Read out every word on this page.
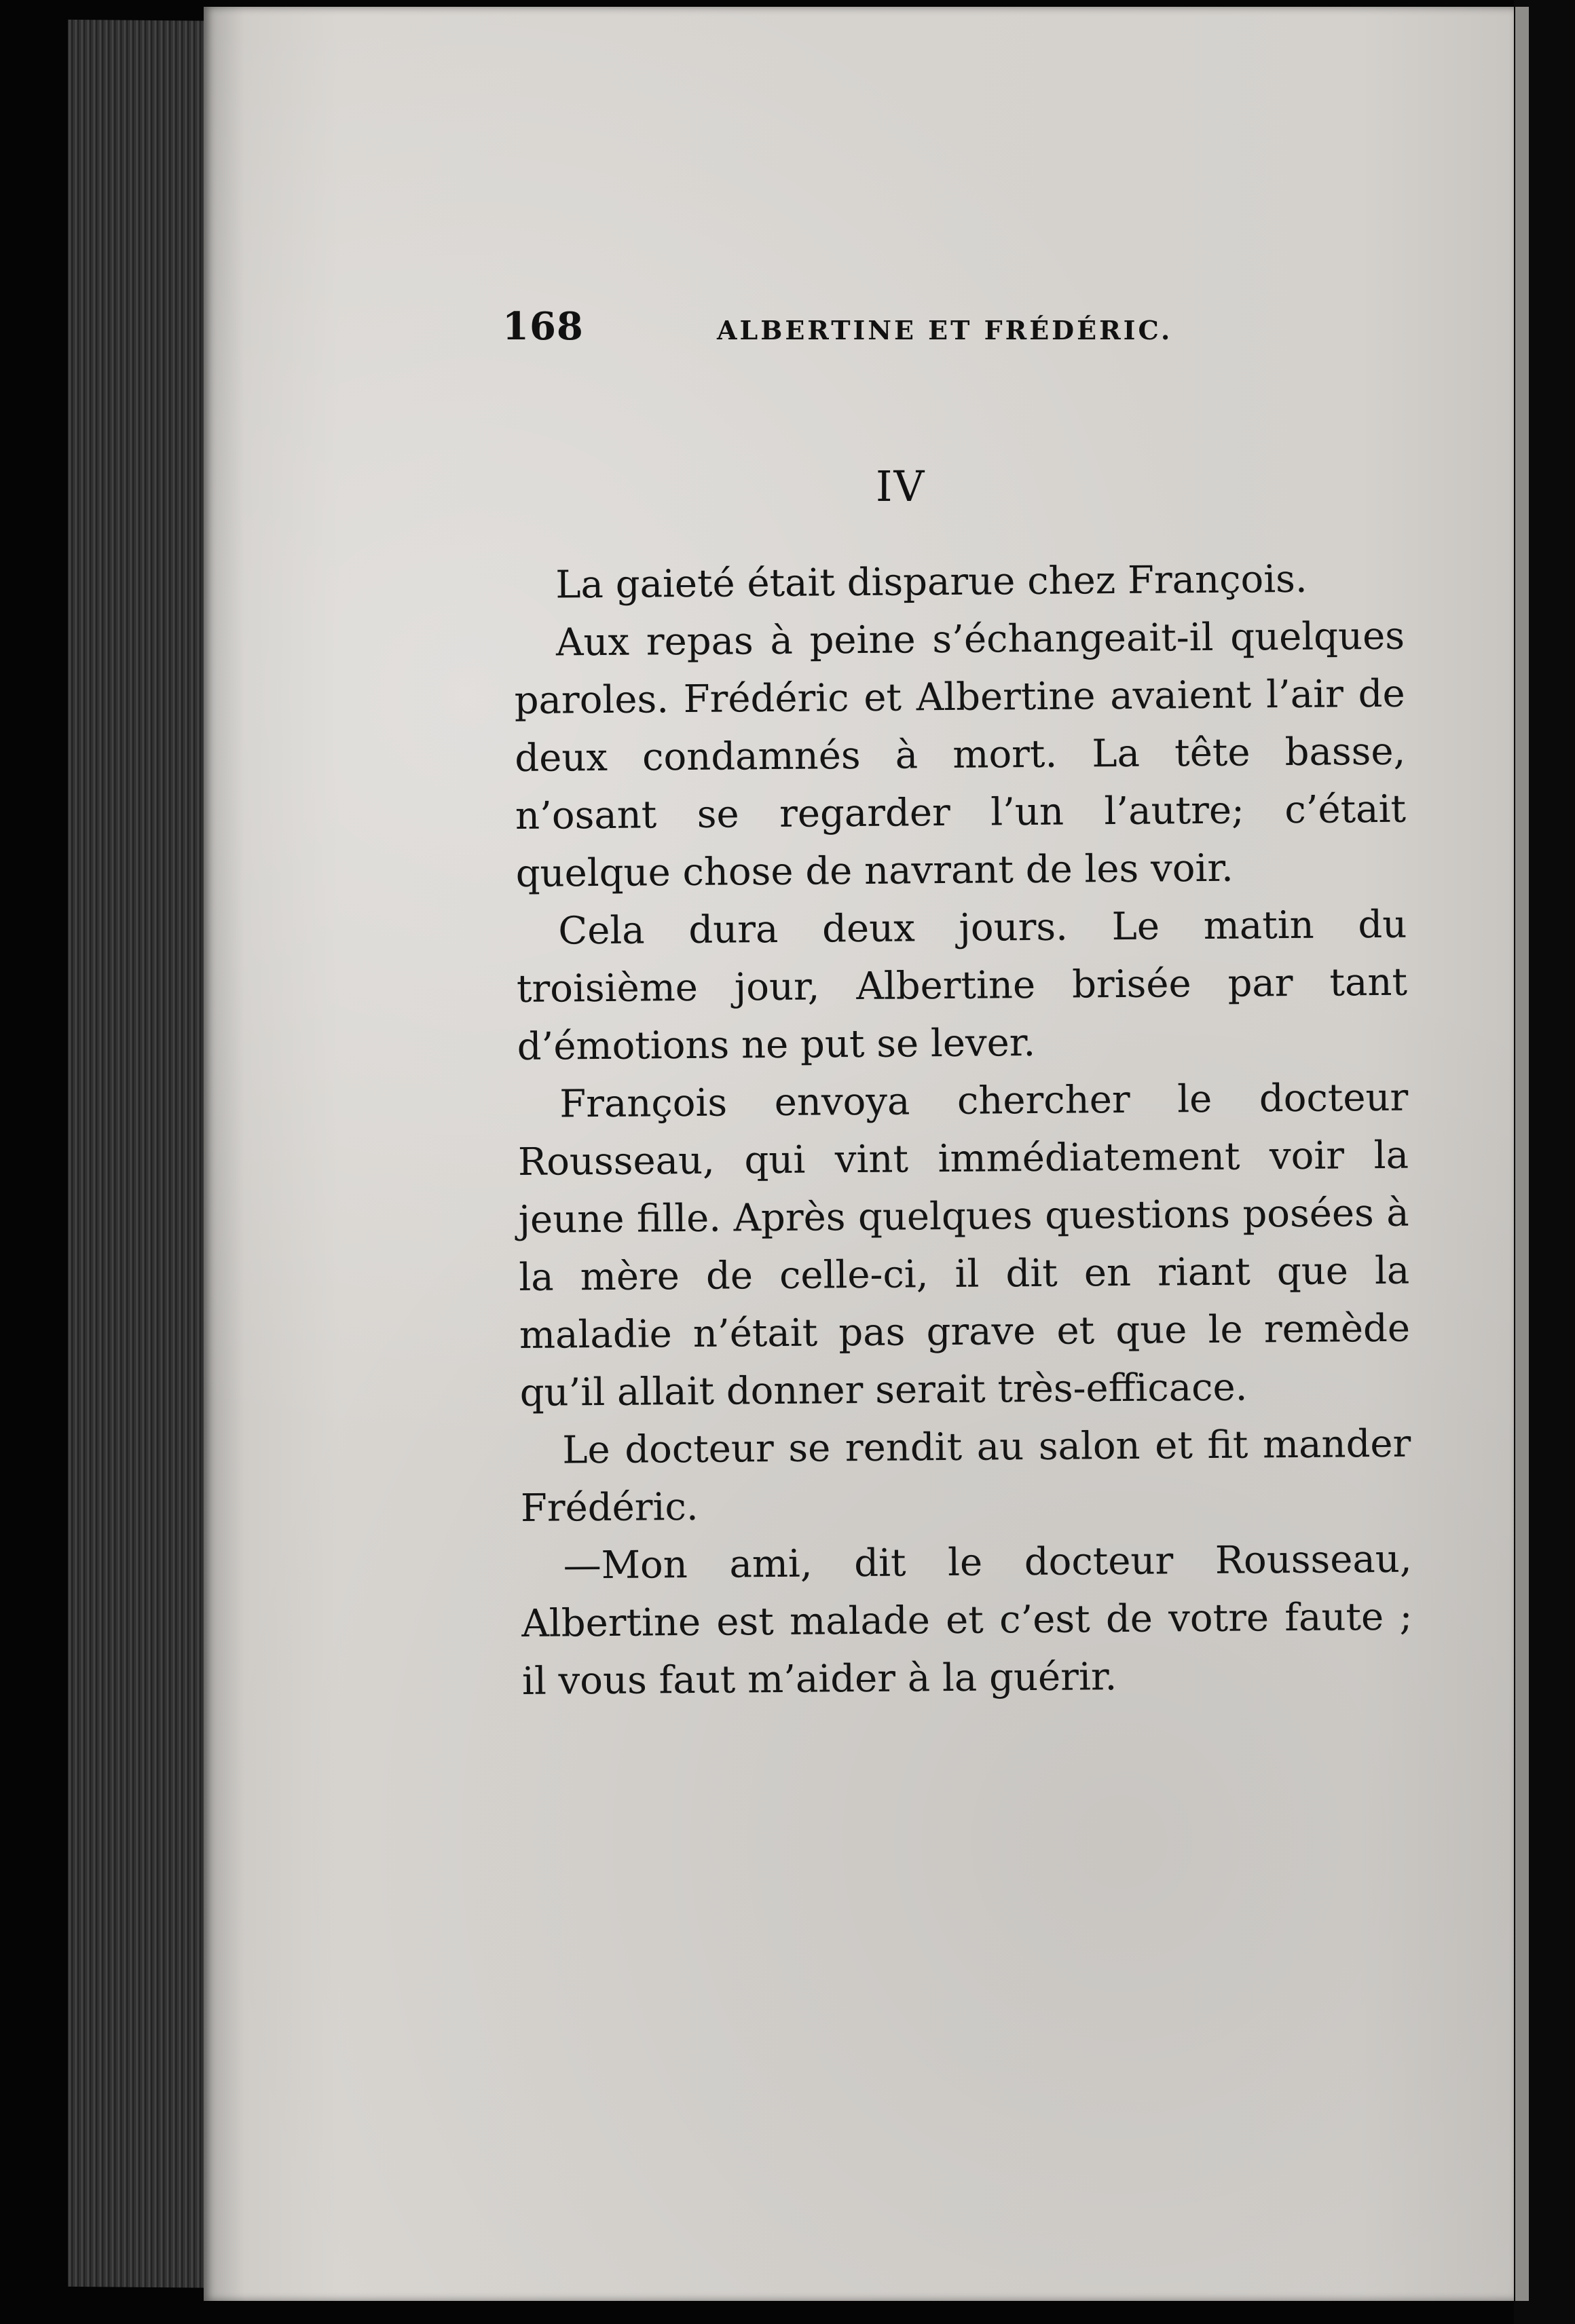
168	ALBERTINE ET FRÉDÉRIC.
IV

La gaieté était disparue chez François.

Aux repas à peine s’échangeait-il quelques paroles. Frédéric et Albertine avaient l’air de deux condamnés à mort. La tête basse, n’osant se regarder l’un l’autre; c’était quelque chose de navrant de les voir.

Cela dura deux jours. Le matin du troisième jour, Albertine brisée par tant d’émotions ne put se lever.

François envoya chercher le docteur Rousseau, qui vint immédiatement voir la jeune fille. Après quelques questions posées à la mère de celle-ci, il dit en riant que la maladie n’était pas grave et que le remède qu’il allait donner serait très-efficace.

Le docteur se rendit au salon et fit mander Frédéric.

—Mon ami, dit le docteur Rousseau, Albertine est malade et c’est de votre faute ; il vous faut m’aider à la guérir.
